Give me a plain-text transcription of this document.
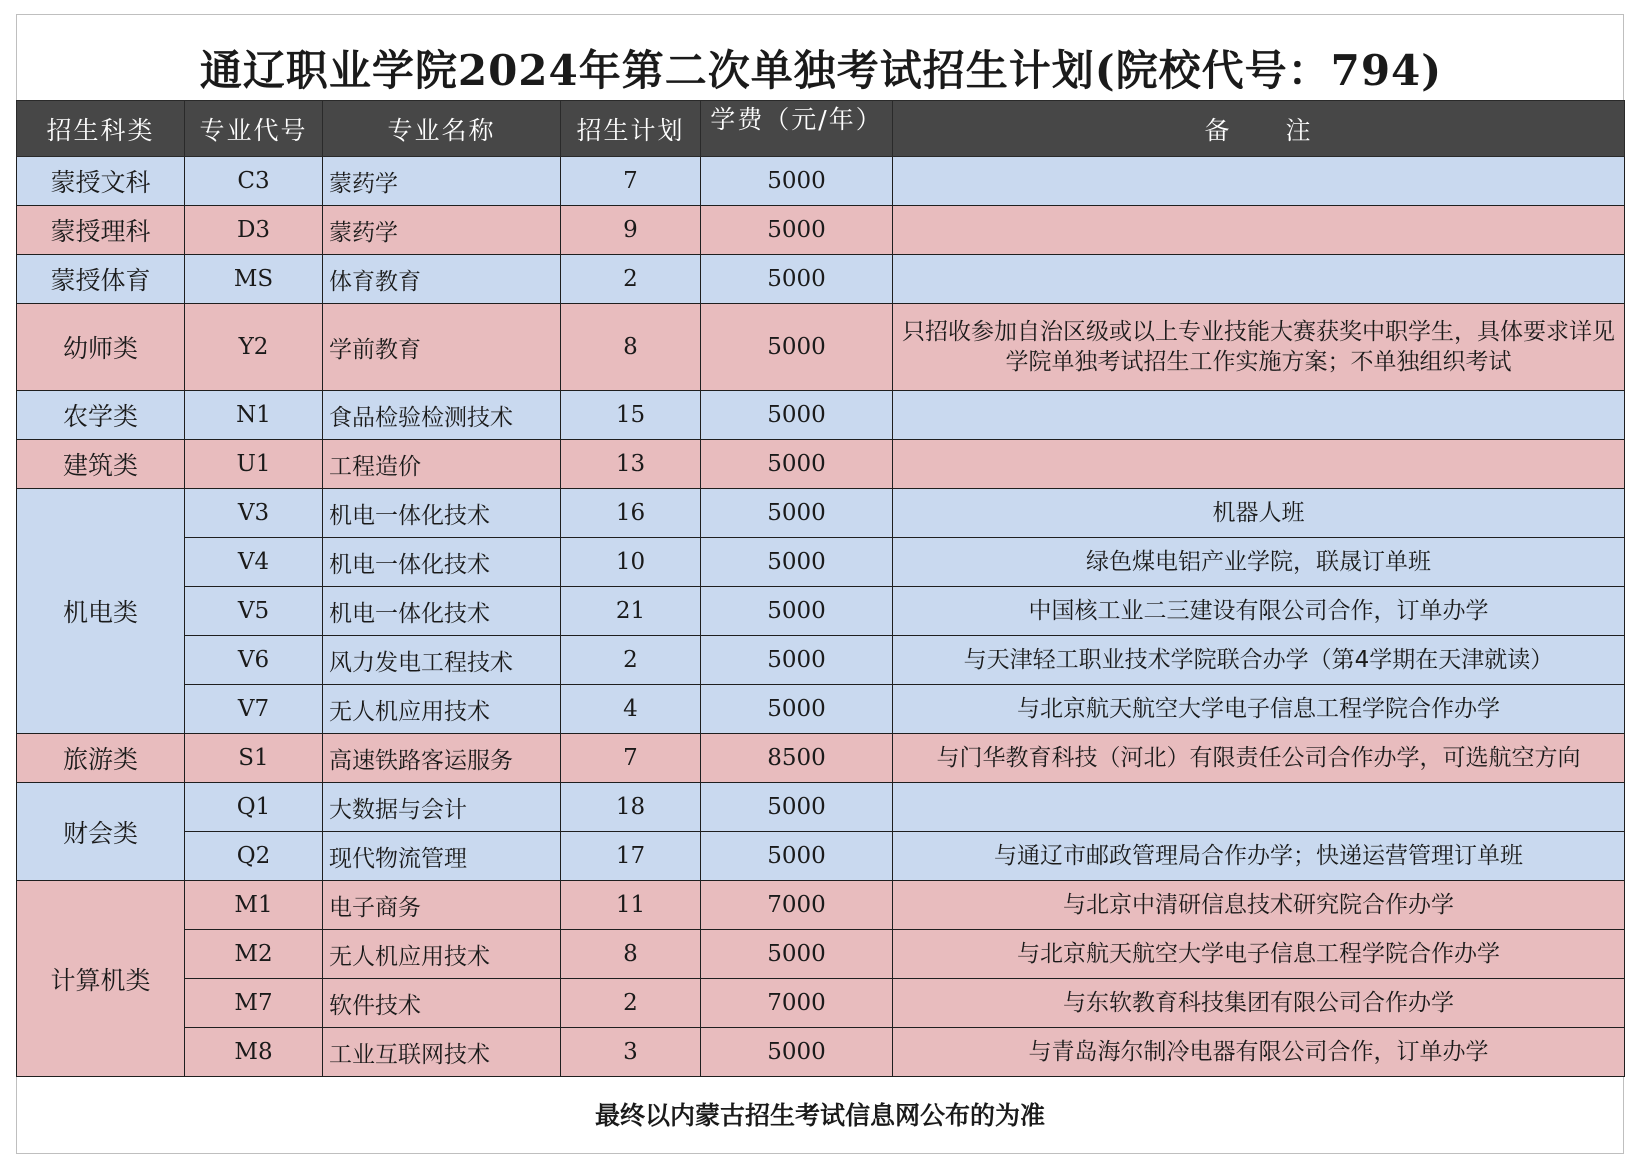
通辽职业学院2024年第二次单独考试招生计划(院校代号：794)
招生科类	专业代号	专业名称	招生计划	学费（元/年）	备　　注
蒙授文科	C3	蒙药学	7	5000	
蒙授理科	D3	蒙药学	9	5000	
蒙授体育	MS	体育教育	2	5000	
幼师类	Y2	学前教育	8	5000	只招收参加自治区级或以上专业技能大赛获奖中职学生，具体要求详见学院单独考试招生工作实施方案；不单独组织考试
农学类	N1	食品检验检测技术	15	5000	
建筑类	U1	工程造价	13	5000	
机电类	V3	机电一体化技术	16	5000	机器人班
	V4	机电一体化技术	10	5000	绿色煤电铝产业学院，联晟订单班
	V5	机电一体化技术	21	5000	中国核工业二三建设有限公司合作，订单办学
	V6	风力发电工程技术	2	5000	与天津轻工职业技术学院联合办学（第4学期在天津就读）
	V7	无人机应用技术	4	5000	与北京航天航空大学电子信息工程学院合作办学
旅游类	S1	高速铁路客运服务	7	8500	与门华教育科技（河北）有限责任公司合作办学，可选航空方向
财会类	Q1	大数据与会计	18	5000	
	Q2	现代物流管理	17	5000	与通辽市邮政管理局合作办学；快递运营管理订单班
计算机类	M1	电子商务	11	7000	与北京中清研信息技术研究院合作办学
	M2	无人机应用技术	8	5000	与北京航天航空大学电子信息工程学院合作办学
	M7	软件技术	2	7000	与东软教育科技集团有限公司合作办学
	M8	工业互联网技术	3	5000	与青岛海尔制冷电器有限公司合作，订单办学
最终以内蒙古招生考试信息网公布的为准
